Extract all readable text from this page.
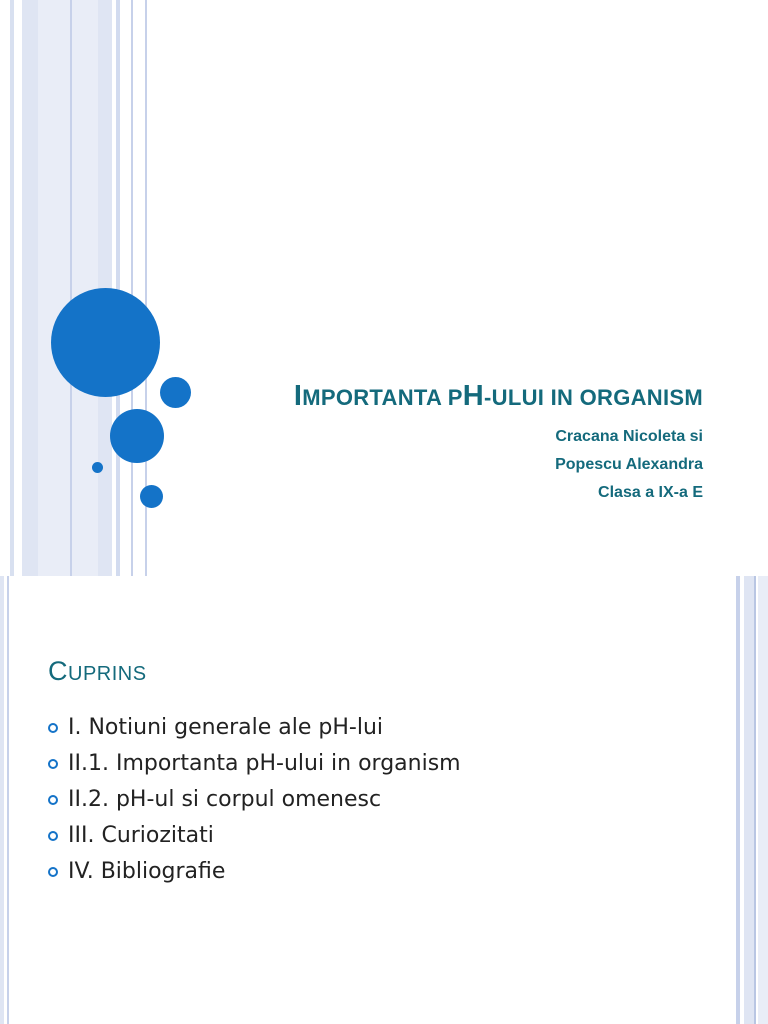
IMPORTANTA PH-ULUI IN ORGANISM
Cracana Nicoleta si
Popescu Alexandra
Clasa a IX-a E
CUPRINS
I. Notiuni generale ale pH-lui
II.1. Importanta pH-ului in organism
II.2. pH-ul si corpul omenesc
III. Curiozitati
IV. Bibliografie
